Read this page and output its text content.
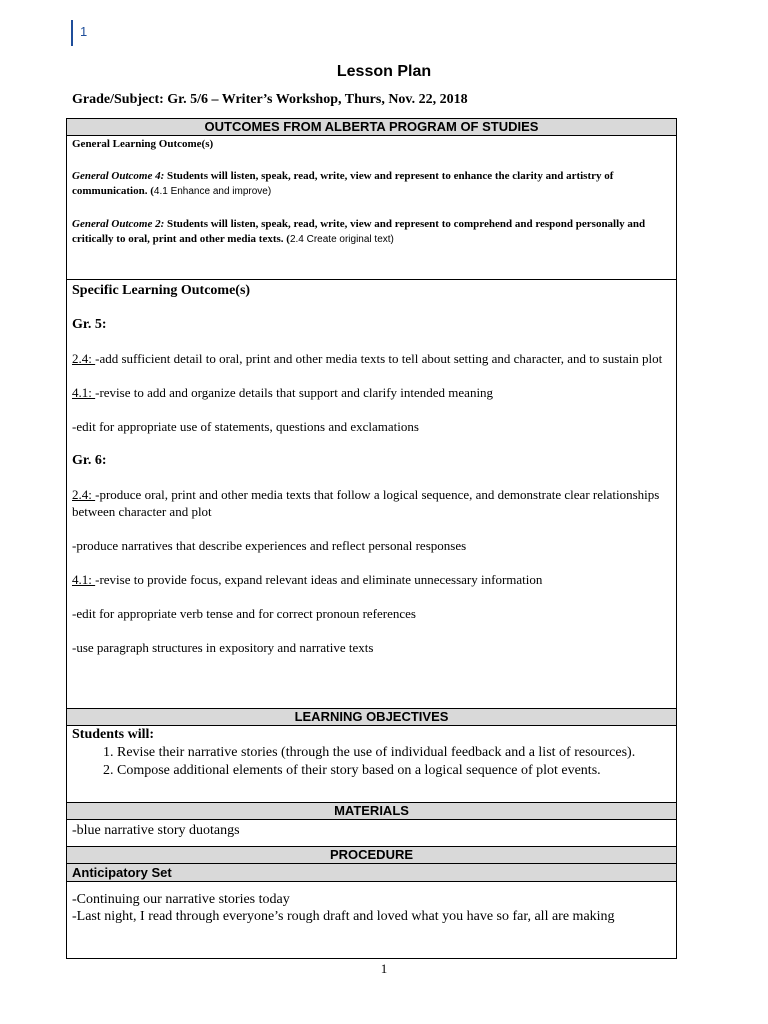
1
Lesson Plan
Grade/Subject: Gr. 5/6 – Writer’s Workshop, Thurs, Nov. 22, 2018
OUTCOMES FROM ALBERTA PROGRAM OF STUDIES
General Learning Outcome(s)
General Outcome 4: Students will listen, speak, read, write, view and represent to enhance the clarity and artistry of communication. (4.1 Enhance and improve)
General Outcome 2: Students will listen, speak, read, write, view and represent to comprehend and respond personally and critically to oral, print and other media texts. (2.4 Create original text)
Specific Learning Outcome(s)
Gr. 5:
2.4: -add sufficient detail to oral, print and other media texts to tell about setting and character, and to sustain plot
4.1: -revise to add and organize details that support and clarify intended meaning
-edit for appropriate use of statements, questions and exclamations
Gr. 6:
2.4: -produce oral, print and other media texts that follow a logical sequence, and demonstrate clear relationships between character and plot
-produce narratives that describe experiences and reflect personal responses
4.1: -revise to provide focus, expand relevant ideas and eliminate unnecessary information
-edit for appropriate verb tense and for correct pronoun references
-use paragraph structures in expository and narrative texts
LEARNING OBJECTIVES
Students will:
1. Revise their narrative stories (through the use of individual feedback and a list of resources).
2. Compose additional elements of their story based on a logical sequence of plot events.
MATERIALS
-blue narrative story duotangs
PROCEDURE
Anticipatory Set
-Continuing our narrative stories today
-Last night, I read through everyone’s rough draft and loved what you have so far, all are making
1
